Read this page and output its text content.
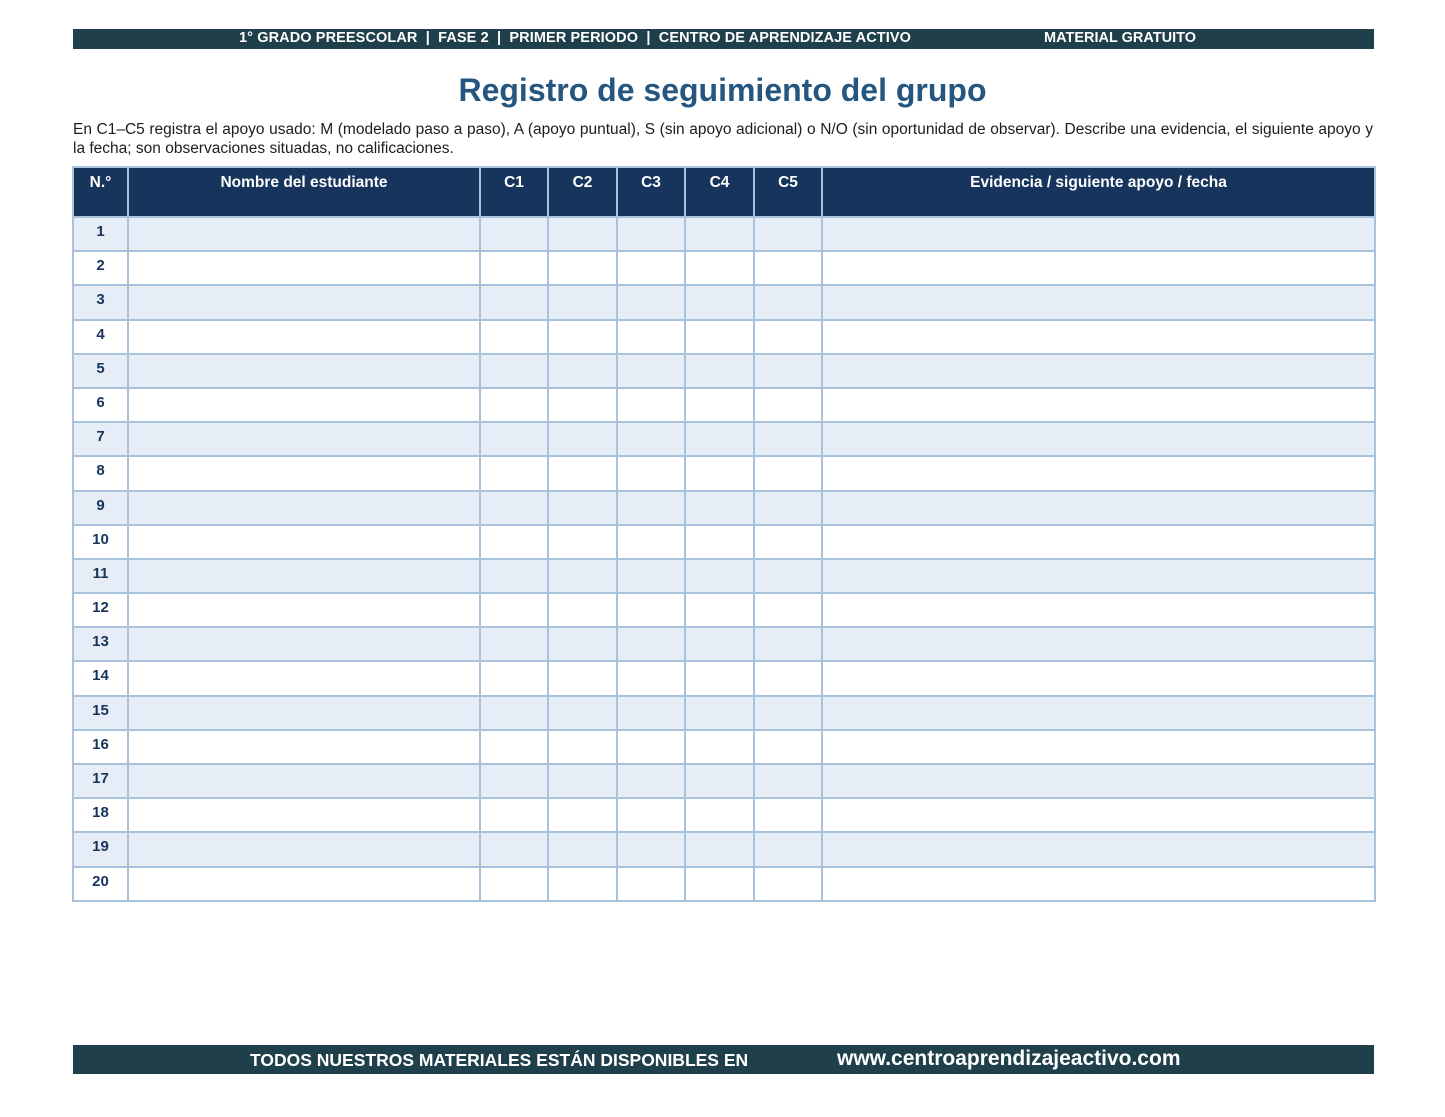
1° GRADO PREESCOLAR  |  FASE 2  |  PRIMER PERIODO  |  CENTRO DE APRENDIZAJE ACTIVO	MATERIAL GRATUITO
Registro de seguimiento del grupo

En C1–C5 registra el apoyo usado: M (modelado paso a paso), A (apoyo puntual), S (sin apoyo adicional) o N/O (sin oportunidad de observar). Describe una evidencia, el siguiente apoyo y la fecha; son observaciones situadas, no calificaciones.

N.°	Nombre del estudiante	C1	C2	C3	C4	C5	Evidencia / siguiente apoyo / fecha
1							
2							
3							
4							
5							
6							
7							
8							
9							
10							
11							
12							
13							
14							
15							
16							
17							
18							
19							
20							
TODOS NUESTROS MATERIALES ESTÁN DISPONIBLES EN	www.centroaprendizajeactivo.com
